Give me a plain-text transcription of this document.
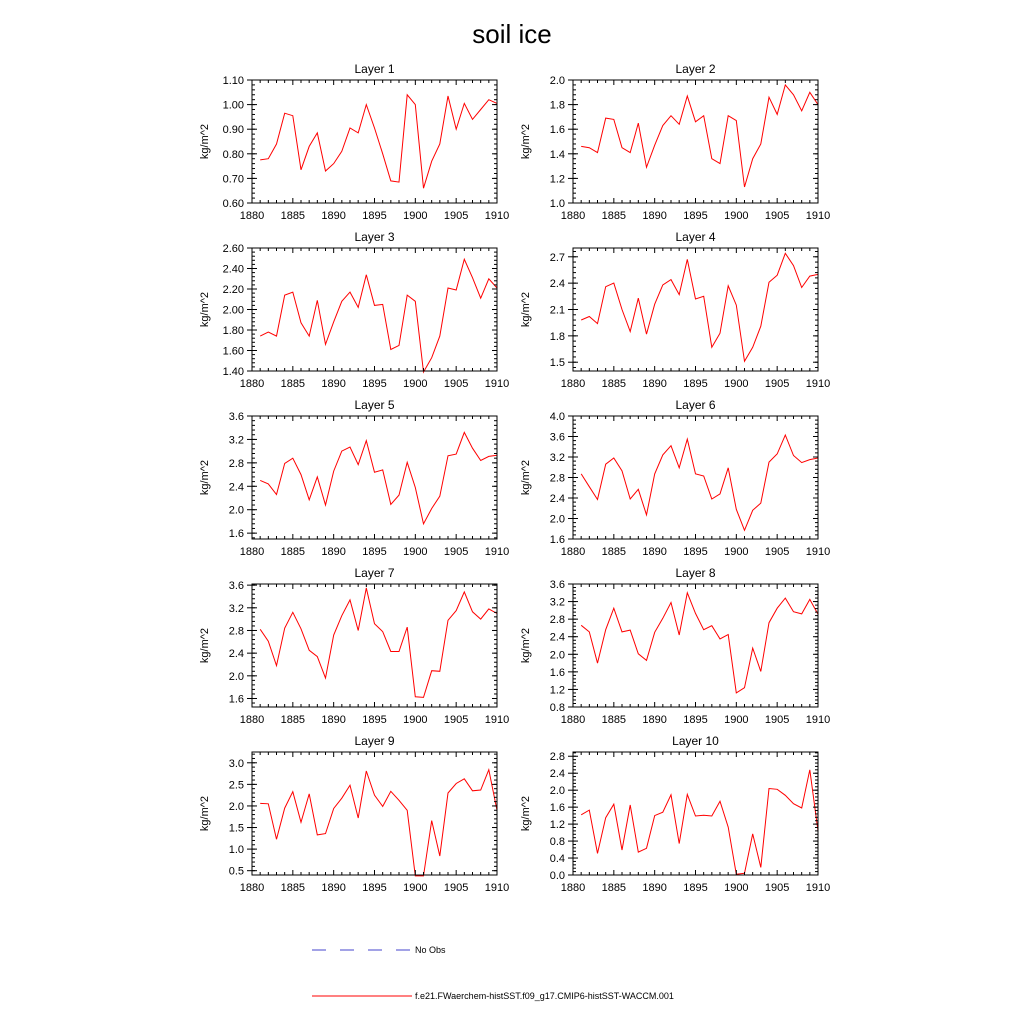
soil ice
Layer 1
1880 1885 1890 1895 1900 1905 1910
0.60
0.70
0.80
0.90
1.00
1.10
kg/m^2
Layer 2
1880 1885 1890 1895 1900 1905 1910
1.0
1.2
1.4
1.6
1.8
2.0
kg/m^2
Layer 3
1880 1885 1890 1895 1900 1905 1910
1.40
1.60
1.80
2.00
2.20
2.40
2.60
kg/m^2
Layer 4
1880 1885 1890 1895 1900 1905 1910
1.5
1.8
2.1
2.4
2.7
kg/m^2
Layer 5
1880 1885 1890 1895 1900 1905 1910
1.6
2.0
2.4
2.8
3.2
3.6
kg/m^2
Layer 6
1880 1885 1890 1895 1900 1905 1910
1.6
2.0
2.4
2.8
3.2
3.6
4.0
kg/m^2
Layer 7
1880 1885 1890 1895 1900 1905 1910
1.6
2.0
2.4
2.8
3.2
3.6
kg/m^2
Layer 8
1880 1885 1890 1895 1900 1905 1910
0.8
1.2
1.6
2.0
2.4
2.8
3.2
3.6
kg/m^2
Layer 9
1880 1885 1890 1895 1900 1905 1910
0.5
1.0
1.5
2.0
2.5
3.0
kg/m^2
Layer 10
1880 1885 1890 1895 1900 1905 1910
0.0
0.4
0.8
1.2
1.6
2.0
2.4
2.8
kg/m^2
No Obs
f.e21.FWaerchem-histSST.f09_g17.CMIP6-histSST-WACCM.001
